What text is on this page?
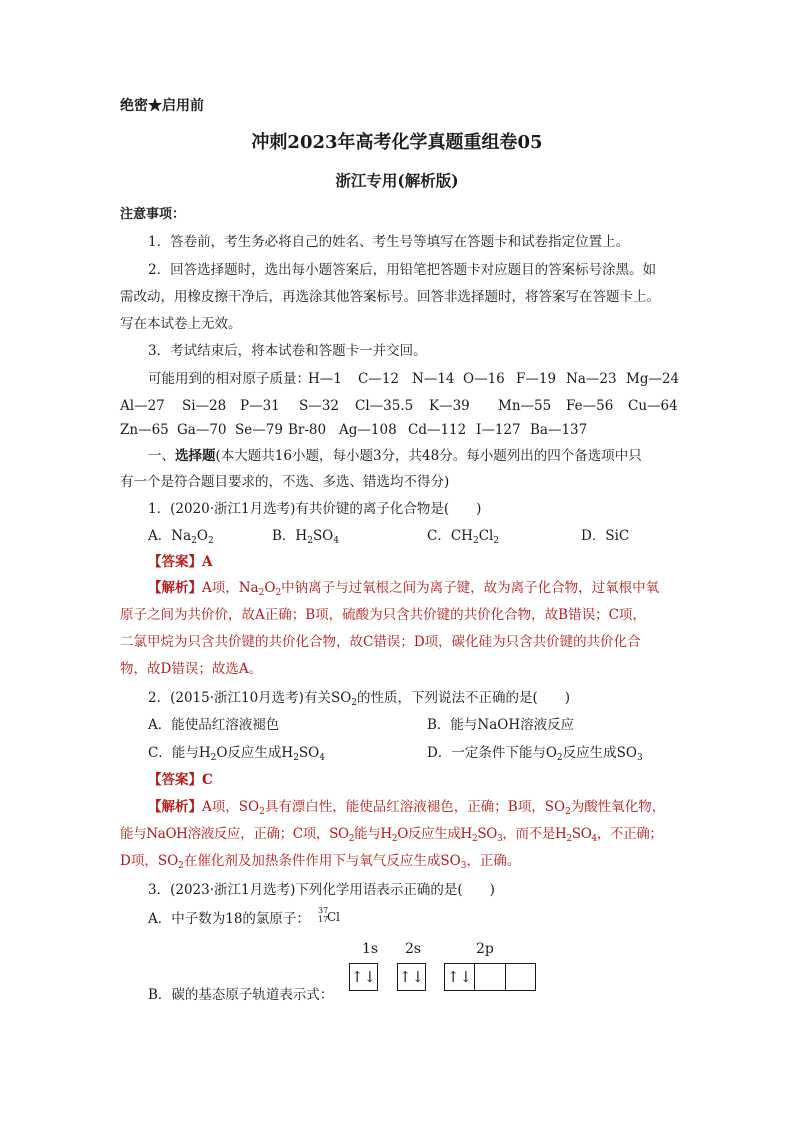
绝密★启用前
冲刺2023年高考化学真题重组卷05
浙江专用(解析版)
注意事项：
1．答卷前，考生务必将自己的姓名、考生号等填写在答题卡和试卷指定位置上。
2．回答选择题时，选出每小题答案后，用铅笔把答题卡对应题目的答案标号涂黑。如
需改动，用橡皮擦干净后，再选涂其他答案标号。回答非选择题时，将答案写在答题卡上。
写在本试卷上无效。
3．考试结束后，将本试卷和答题卡一并交回。
可能用到的相对原子质量：
H—1 C—12 N—14 O—16 F—19 Na—23 Mg—24
Al—27 Si—28 P—31 S—32 Cl—35.5 K—39 Mn—55 Fe—56 Cu—64
Zn—65 Ga—70 Se—79 Br-80 Ag—108 Cd—112 I—127 Ba—137
一、选择题(本大题共16小题，每小题3分，共48分。每小题列出的四个备选项中只
有一个是符合题目要求的，不选、多选、错选均不得分)
1．(2020·浙江1月选考)有共价键的离子化合物是(　　)
A．$Na_2O_2$	B．$H_2SO_4$	C．$CH_2Cl_2$	D．SiC
【答案】A
【解析】A项，$Na_2O_2$中钠离子与过氧根之间为离子键，故为离子化合物，过氧根中氧
原子之间为共价价，故A正确；B项，硫酸为只含共价键的共价化合物，故B错误；C项，
二氯甲烷为只含共价键的共价化合物，故C错误；D项，碳化硅为只含共价键的共价化合
物，故D错误；故选A。
2．(2015·浙江10月选考)有关$SO_2$的性质，下列说法不正确的是(　　)
A．能使品红溶液褪色	B．能与NaOH溶液反应
C．能与$H_2O$反应生成$H_2SO_4$	D．一定条件下能与$O_2$反应生成$SO_3$
【答案】C
【解析】A项，$SO_2$具有漂白性，能使品红溶液褪色，正确；B项，$SO_2$为酸性氧化物，
能与NaOH溶液反应，正确；C项，$SO_2$能与$H_2O$反应生成$H_2SO_3$，而不是$H_2SO_4$，不正确；
D项，$SO_2$在催化剂及加热条件作用下与氧气反应生成$SO_3$，正确。
3．(2023·浙江1月选考)下列化学用语表示正确的是(　　)
A．中子数为18的氯原子：
37
17
Cl
1s 2s	2p
↑↓ ↑↓ ↑↓
B．碳的基态原子轨道表示式：
